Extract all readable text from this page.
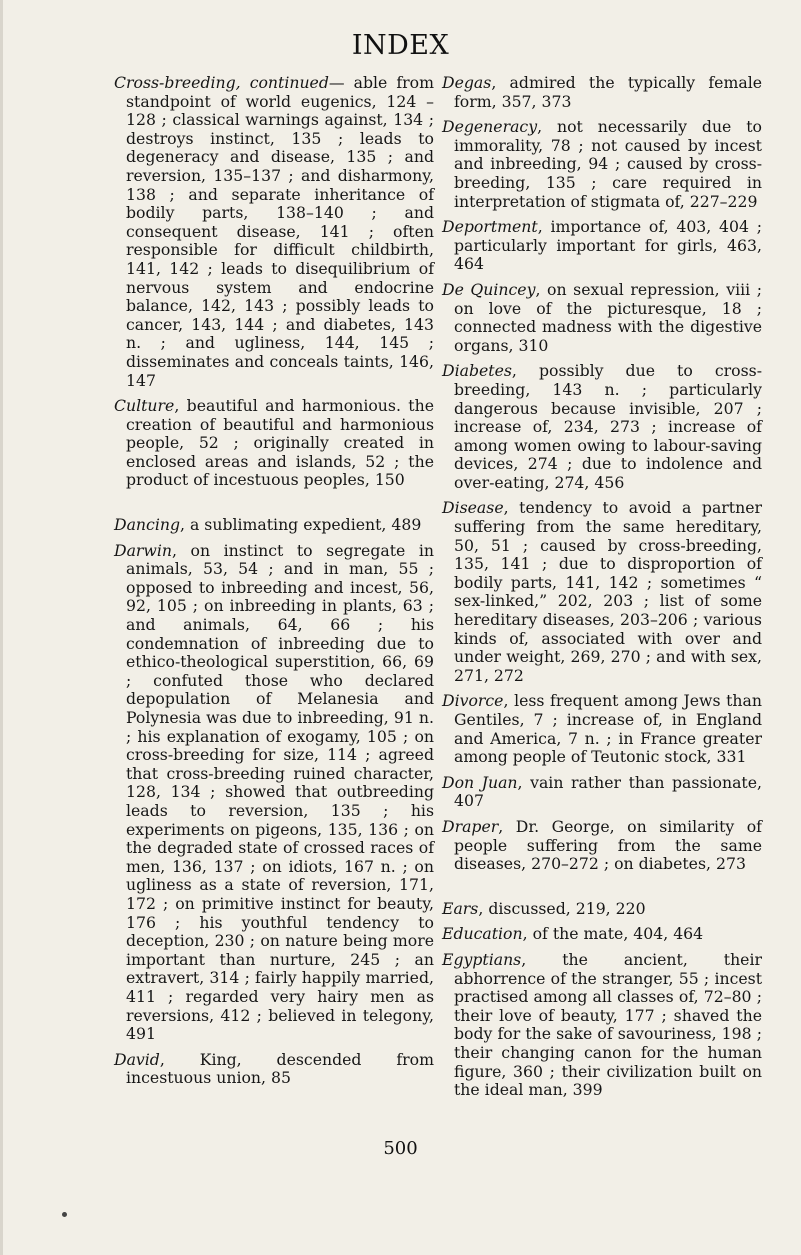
INDEX

Cross-breeding, continued— able from standpoint of world eugenics, 124 – 128 ; classical warnings against, 134 ; destroys instinct, 135 ; leads to degeneracy and disease, 135 ; and reversion, 135–137 ; and disharmony, 138 ; and separate inheritance of bodily parts, 138–140 ; and consequent disease, 141 ; often responsible for difficult childbirth, 141, 142 ; leads to disequilibrium of nervous system and endocrine balance, 142, 143 ; possibly leads to cancer, 143, 144 ; and diabetes, 143 n. ; and ugliness, 144, 145 ; disseminates and conceals taints, 146, 147

Culture, beautiful and harmonious. the creation of beautiful and harmonious people, 52 ; originally created in enclosed areas and islands, 52 ; the product of incestuous peoples, 150

Dancing, a sublimating expedient, 489

Darwin, on instinct to segregate in animals, 53, 54 ; and in man, 55 ; opposed to inbreeding and incest, 56, 92, 105 ; on inbreeding in plants, 63 ; and animals, 64, 66 ; his condemnation of inbreeding due to ethico-theological superstition, 66, 69 ; confuted those who declared depopulation of Melanesia and Polynesia was due to inbreeding, 91 n. ; his explanation of exogamy, 105 ; on cross-breeding for size, 114 ; agreed that cross-breeding ruined character, 128, 134 ; showed that outbreeding leads to reversion, 135 ; his experiments on pigeons, 135, 136 ; on the degraded state of crossed races of men, 136, 137 ; on idiots, 167 n. ; on ugliness as a state of reversion, 171, 172 ; on primitive instinct for beauty, 176 ; his youthful tendency to deception, 230 ; on nature being more important than nurture, 245 ; an extravert, 314 ; fairly happily married, 411 ; regarded very hairy men as reversions, 412 ; believed in telegony, 491

David, King, descended from incestuous union, 85

Degas, admired the typically female form, 357, 373

Degeneracy, not necessarily due to immorality, 78 ; not caused by incest and inbreeding, 94 ; caused by cross-breeding, 135 ; care required in interpretation of stigmata of, 227–229

Deportment, importance of, 403, 404 ; particularly important for girls, 463, 464

De Quincey, on sexual repression, viii ; on love of the picturesque, 18 ; connected madness with the digestive organs, 310

Diabetes, possibly due to cross-breeding, 143 n. ; particularly dangerous because invisible, 207 ; increase of, 234, 273 ; increase of among women owing to labour-saving devices, 274 ; due to indolence and over-eating, 274, 456

Disease, tendency to avoid a partner suffering from the same hereditary, 50, 51 ; caused by cross-breeding, 135, 141 ; due to disproportion of bodily parts, 141, 142 ; sometimes “ sex-linked,” 202, 203 ; list of some hereditary diseases, 203–206 ; various kinds of, associated with over and under weight, 269, 270 ; and with sex, 271, 272

Divorce, less frequent among Jews than Gentiles, 7 ; increase of, in England and America, 7 n. ; in France greater among people of Teutonic stock, 331

Don Juan, vain rather than passionate, 407

Draper, Dr. George, on similarity of people suffering from the same diseases, 270–272 ; on diabetes, 273

Ears, discussed, 219, 220

Education, of the mate, 404, 464

Egyptians, the ancient, their abhorrence of the stranger, 55 ; incest practised among all classes of, 72–80 ; their love of beauty, 177 ; shaved the body for the sake of savouriness, 198 ; their changing canon for the human figure, 360 ; their civilization built on the ideal man, 399

500
